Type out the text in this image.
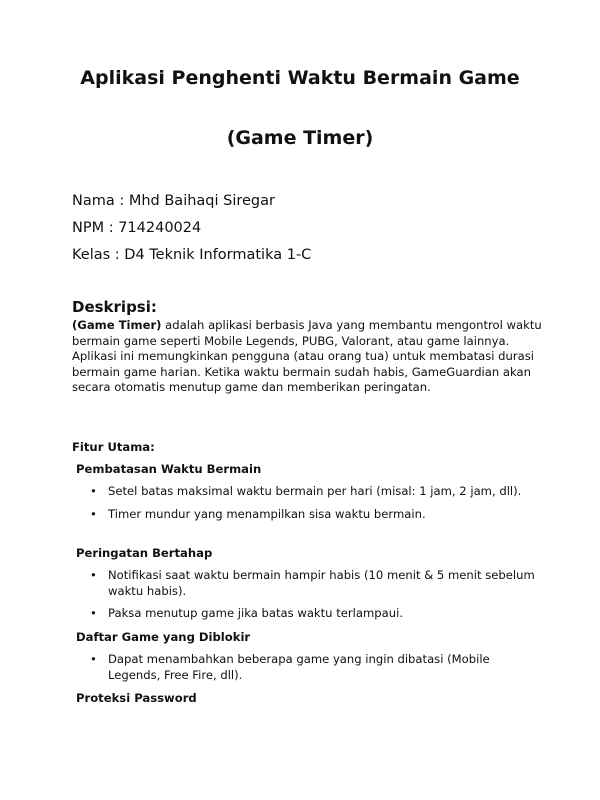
Aplikasi Penghenti Waktu Bermain Game
(Game Timer)

Nama : Mhd Baihaqi Siregar

NPM : 714240024

Kelas : D4 Teknik Informatika 1-C

Deskripsi:

(Game Timer) adalah aplikasi berbasis Java yang membantu mengontrol waktu bermain game seperti Mobile Legends, PUBG, Valorant, atau game lainnya. Aplikasi ini memungkinkan pengguna (atau orang tua) untuk membatasi durasi bermain game harian. Ketika waktu bermain sudah habis, GameGuardian akan secara otomatis menutup game dan memberikan peringatan.

Fitur Utama:

Pembatasan Waktu Bermain

• Setel batas maksimal waktu bermain per hari (misal: 1 jam, 2 jam, dll).
• Timer mundur yang menampilkan sisa waktu bermain.

Peringatan Bertahap

• Notifikasi saat waktu bermain hampir habis (10 menit & 5 menit sebelum waktu habis).
• Paksa menutup game jika batas waktu terlampaui.

Daftar Game yang Diblokir

• Dapat menambahkan beberapa game yang ingin dibatasi (Mobile Legends, Free Fire, dll).

Proteksi Password
